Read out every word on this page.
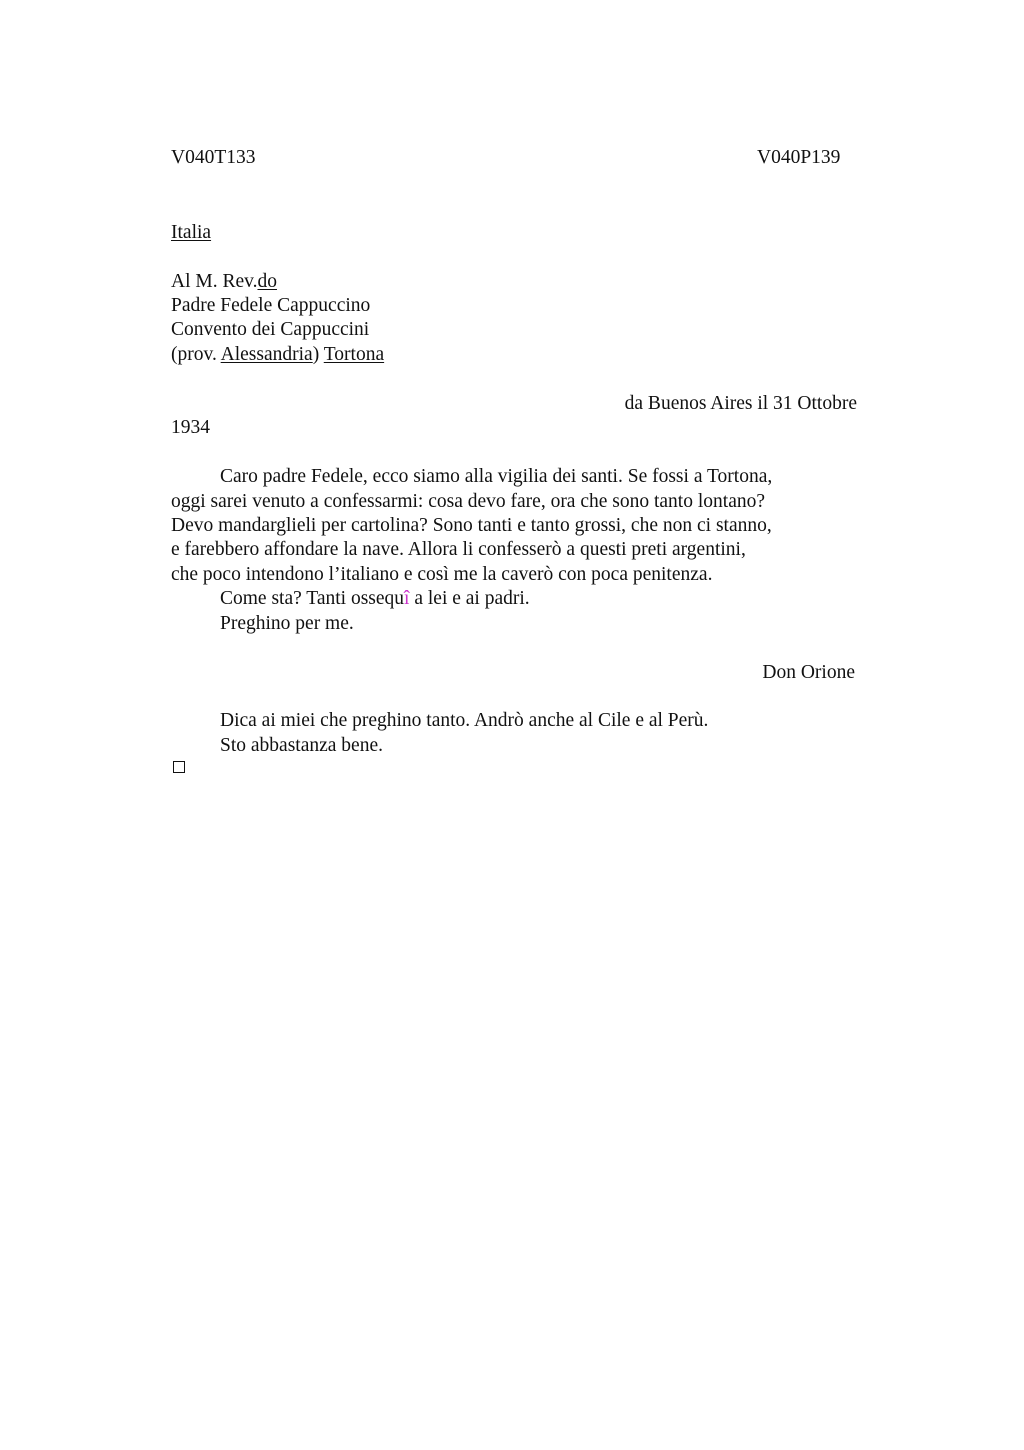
V040T133	V040P139
Italia
Al M. Rev.do
Padre Fedele Cappuccino
Convento dei Cappuccini
(prov. Alessandria) Tortona
da Buenos Aires il 31 Ottobre
1934
Caro padre Fedele, ecco siamo alla vigilia dei santi. Se fossi a Tortona,
oggi sarei venuto a confessarmi: cosa devo fare, ora che sono tanto lontano?
Devo mandarglieli per cartolina? Sono tanti e tanto grossi, che non ci stanno,
e farebbero affondare la nave. Allora li confesserò a questi preti argentini,
che poco intendono l’italiano e così me la caverò con poca penitenza.
Come sta? Tanti ossequî a lei e ai padri.
Preghino per me.
Don Orione
Dica ai miei che preghino tanto. Andrò anche al Cile e al Perù.
Sto abbastanza bene.
